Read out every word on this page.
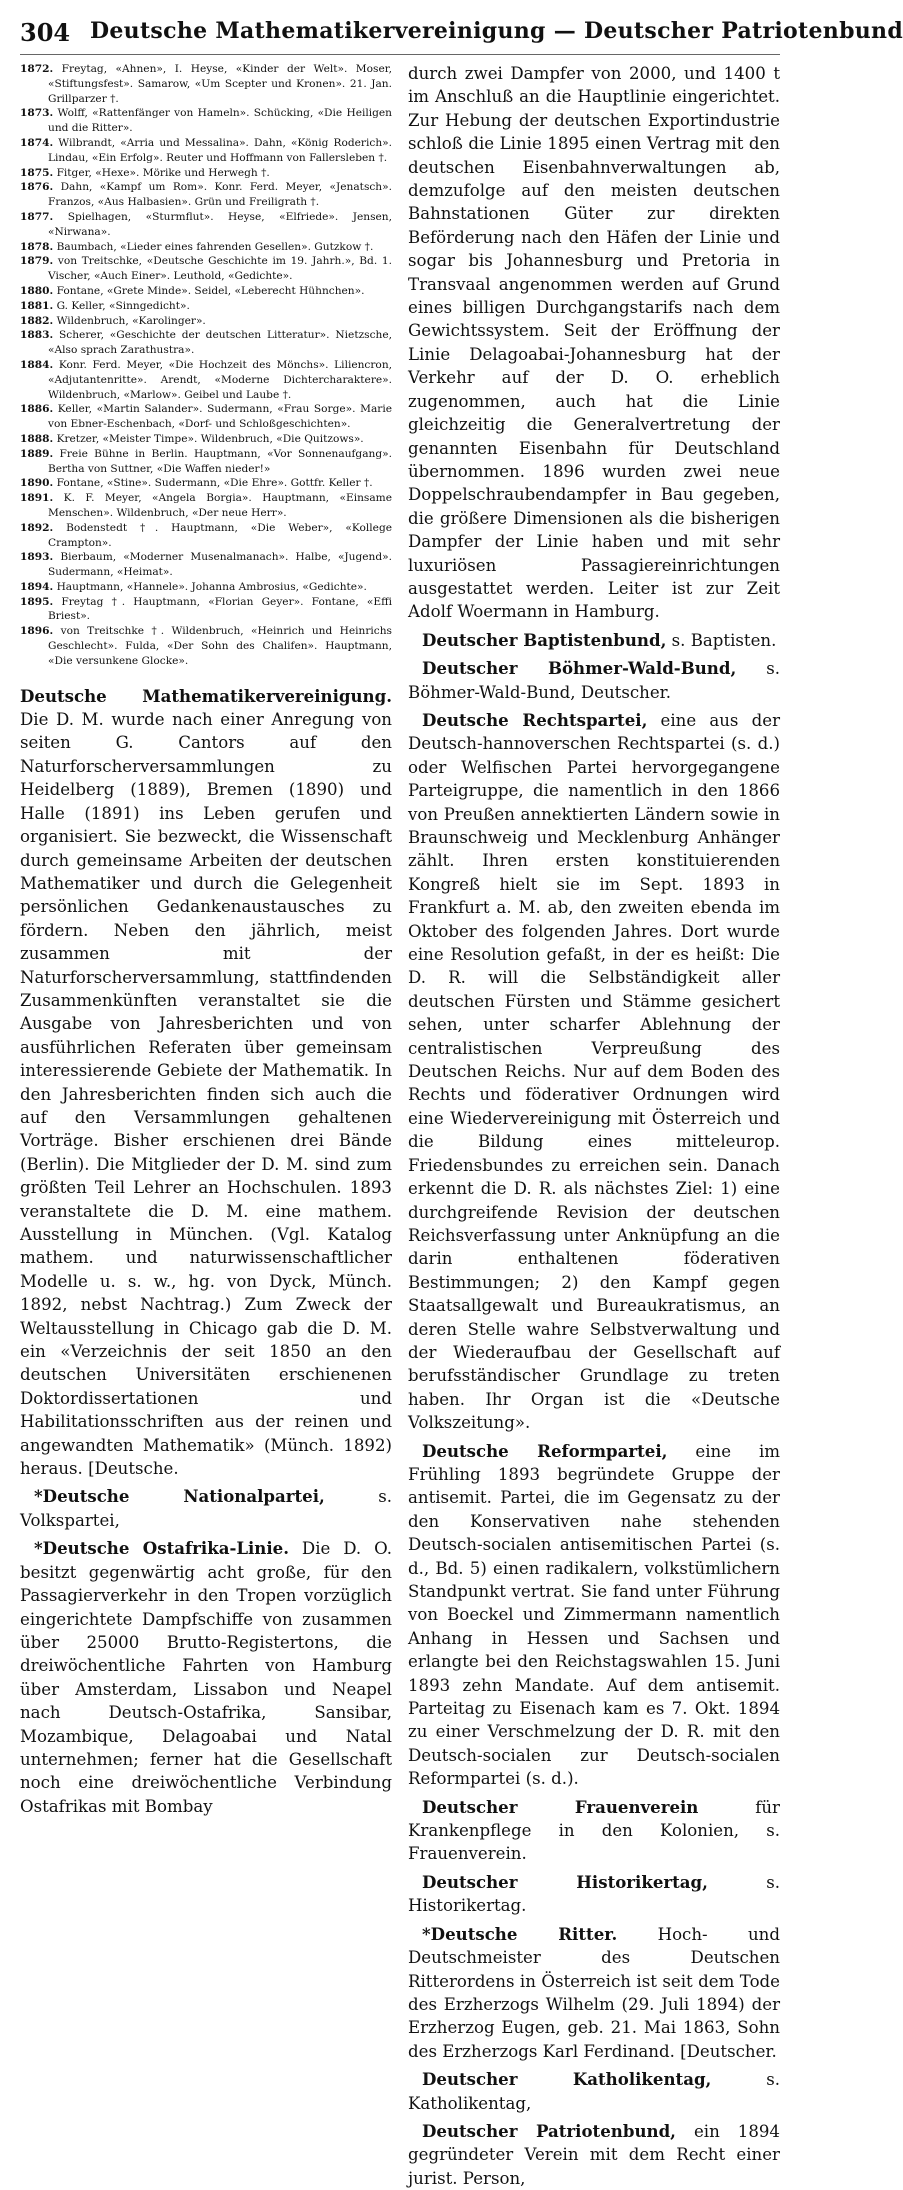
304 Deutsche Mathematikervereinigung — Deutscher Patriotenbund
1872. Freytag, «Ahnen», I. Heyse, «Kinder der Welt». Moser, «Stiftungsfest». Samarow, «Um Scepter und Kronen». 21. Jan. Grillparzer †.
1873. Wolff, «Rattenfänger von Hameln». Schücking, «Die Heiligen und die Ritter».
1874. Wilbrandt, «Arria und Messalina». Dahn, «König Roderich». Lindau, «Ein Erfolg». Reuter und Hoffmann von Fallersleben †.
1875. Fitger, «Hexe». Mörike und Herwegh †.
1876. Dahn, «Kampf um Rom». Konr. Ferd. Meyer, «Jenatsch». Franzos, «Aus Halbasien». Grün und Freiligrath †.
1877. Spielhagen, «Sturmflut». Heyse, «Elfriede». Jensen, «Nirwana».
1878. Baumbach, «Lieder eines fahrenden Gesellen». Gutzkow †.
1879. von Treitschke, «Deutsche Geschichte im 19. Jahrh.», Bd. 1. Vischer, «Auch Einer». Leuthold, «Gedichte».
1880. Fontane, «Grete Minde». Seidel, «Leberecht Hühnchen».
1881. G. Keller, «Sinngedicht».
1882. Wildenbruch, «Karolinger».
1883. Scherer, «Geschichte der deutschen Litteratur». Nietzsche, «Also sprach Zarathustra».
1884. Konr. Ferd. Meyer, «Die Hochzeit des Mönchs». Liliencron, «Adjutantenritte». Arendt, «Moderne Dichtercharaktere». Wildenbruch, «Marlow». Geibel und Laube †.
1886. Keller, «Martin Salander». Sudermann, «Frau Sorge». Marie von Ebner-Eschenbach, «Dorf- und Schloßgeschichten».
1888. Kretzer, «Meister Timpe». Wildenbruch, «Die Quitzows».
1889. Freie Bühne in Berlin. Hauptmann, «Vor Sonnenaufgang». Bertha von Suttner, «Die Waffen nieder!»
1890. Fontane, «Stine». Sudermann, «Die Ehre». Gottfr. Keller †.
1891. K. F. Meyer, «Angela Borgia». Hauptmann, «Einsame Menschen». Wildenbruch, «Der neue Herr».
1892. Bodenstedt †. Hauptmann, «Die Weber», «Kollege Crampton».
1893. Bierbaum, «Moderner Musenalmanach». Halbe, «Jugend». Sudermann, «Heimat».
1894. Hauptmann, «Hannele». Johanna Ambrosius, «Gedichte».
1895. Freytag †. Hauptmann, «Florian Geyer». Fontane, «Effi Briest».
1896. von Treitschke †. Wildenbruch, «Heinrich und Heinrichs Geschlecht». Fulda, «Der Sohn des Chalifen». Hauptmann, «Die versunkene Glocke».

Deutsche Mathematikervereinigung. Die D. M. wurde nach einer Anregung von seiten G. Cantors auf den Naturforscherversammlungen zu Heidelberg (1889), Bremen (1890) und Halle (1891) ins Leben gerufen und organisiert. Sie bezweckt, die Wissenschaft durch gemeinsame Arbeiten der deutschen Mathematiker und durch die Gelegenheit persönlichen Gedankenaustausches zu fördern. Neben den jährlich, meist zusammen mit der Naturforscherversammlung, stattfindenden Zusammenkünften veranstaltet sie die Ausgabe von Jahresberichten und von ausführlichen Referaten über gemeinsam interessierende Gebiete der Mathematik. In den Jahresberichten finden sich auch die auf den Versammlungen gehaltenen Vorträge. Bisher erschienen drei Bände (Berlin). Die Mitglieder der D. M. sind zum größten Teil Lehrer an Hochschulen. 1893 veranstaltete die D. M. eine mathem. Ausstellung in München. (Vgl. Katalog mathem. und naturwissenschaftlicher Modelle u. s. w., hg. von Dyck, Münch. 1892, nebst Nachtrag.) Zum Zweck der Weltausstellung in Chicago gab die D. M. ein «Verzeichnis der seit 1850 an den deutschen Universitäten erschienenen Doktordissertationen und Habilitationsschriften aus der reinen und angewandten Mathematik» (Münch. 1892) heraus. [Deutsche.

*Deutsche Nationalpartei, s. Volkspartei,

*Deutsche Ostafrika-Linie. Die D. O. besitzt gegenwärtig acht große, für den Passagierverkehr in den Tropen vorzüglich eingerichtete Dampfschiffe von zusammen über 25000 Brutto-Registertons, die dreiwöchentliche Fahrten von Hamburg über Amsterdam, Lissabon und Neapel nach Deutsch-Ostafrika, Sansibar, Mozambique, Delagoabai und Natal unternehmen; ferner hat die Gesellschaft noch eine dreiwöchentliche Verbindung Ostafrikas mit Bombay

durch zwei Dampfer von 2000, und 1400 t im Anschluß an die Hauptlinie eingerichtet. Zur Hebung der deutschen Exportindustrie schloß die Linie 1895 einen Vertrag mit den deutschen Eisenbahnverwaltungen ab, demzufolge auf den meisten deutschen Bahnstationen Güter zur direkten Beförderung nach den Häfen der Linie und sogar bis Johannesburg und Pretoria in Transvaal angenommen werden auf Grund eines billigen Durchgangstarifs nach dem Gewichtssystem. Seit der Eröffnung der Linie Delagoabai-Johannesburg hat der Verkehr auf der D. O. erheblich zugenommen, auch hat die Linie gleichzeitig die Generalvertretung der genannten Eisenbahn für Deutschland übernommen. 1896 wurden zwei neue Doppelschraubendampfer in Bau gegeben, die größere Dimensionen als die bisherigen Dampfer der Linie haben und mit sehr luxuriösen Passagiereinrichtungen ausgestattet werden. Leiter ist zur Zeit Adolf Woermann in Hamburg.

Deutscher Baptistenbund, s. Baptisten.

Deutscher Böhmer-Wald-Bund, s. Böhmer-Wald-Bund, Deutscher.

Deutsche Rechtspartei, eine aus der Deutsch-hannoverschen Rechtspartei (s. d.) oder Welfischen Partei hervorgegangene Parteigruppe, die namentlich in den 1866 von Preußen annektierten Ländern sowie in Braunschweig und Mecklenburg Anhänger zählt. Ihren ersten konstituierenden Kongreß hielt sie im Sept. 1893 in Frankfurt a. M. ab, den zweiten ebenda im Oktober des folgenden Jahres. Dort wurde eine Resolution gefaßt, in der es heißt: Die D. R. will die Selbständigkeit aller deutschen Fürsten und Stämme gesichert sehen, unter scharfer Ablehnung der centralistischen Verpreußung des Deutschen Reichs. Nur auf dem Boden des Rechts und föderativer Ordnungen wird eine Wiedervereinigung mit Österreich und die Bildung eines mitteleurop. Friedensbundes zu erreichen sein. Danach erkennt die D. R. als nächstes Ziel: 1) eine durchgreifende Revision der deutschen Reichsverfassung unter Anknüpfung an die darin enthaltenen föderativen Bestimmungen; 2) den Kampf gegen Staatsallgewalt und Bureaukratismus, an deren Stelle wahre Selbstverwaltung und der Wiederaufbau der Gesellschaft auf berufsständischer Grundlage zu treten haben. Ihr Organ ist die «Deutsche Volkszeitung».

Deutsche Reformpartei, eine im Frühling 1893 begründete Gruppe der antisemit. Partei, die im Gegensatz zu der den Konservativen nahe stehenden Deutsch-socialen antisemitischen Partei (s. d., Bd. 5) einen radikalern, volkstümlichern Standpunkt vertrat. Sie fand unter Führung von Boeckel und Zimmermann namentlich Anhang in Hessen und Sachsen und erlangte bei den Reichstagswahlen 15. Juni 1893 zehn Mandate. Auf dem antisemit. Parteitag zu Eisenach kam es 7. Okt. 1894 zu einer Verschmelzung der D. R. mit den Deutsch-socialen zur Deutsch-socialen Reformpartei (s. d.).

Deutscher Frauenverein für Krankenpflege in den Kolonien, s. Frauenverein.

Deutscher Historikertag, s. Historikertag.

*Deutsche Ritter. Hoch- und Deutschmeister des Deutschen Ritterordens in Österreich ist seit dem Tode des Erzherzogs Wilhelm (29. Juli 1894) der Erzherzog Eugen, geb. 21. Mai 1863, Sohn des Erzherzogs Karl Ferdinand. [Deutscher.

Deutscher Katholikentag, s. Katholikentag,

Deutscher Patriotenbund, ein 1894 gegründeter Verein mit dem Recht einer jurist. Person,
